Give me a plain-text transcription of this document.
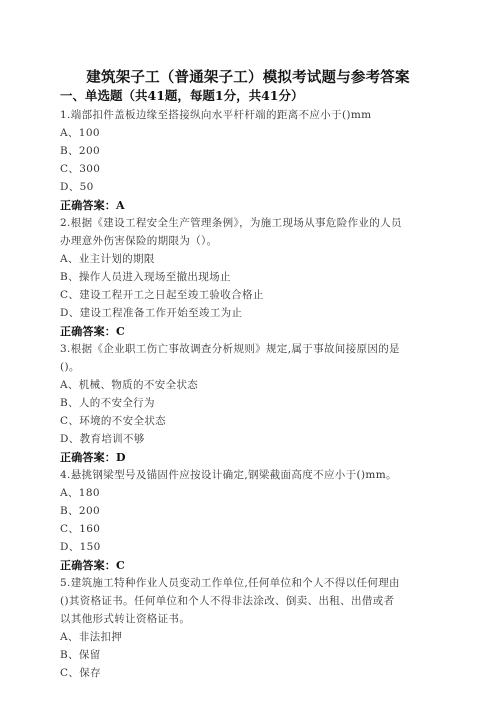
建筑架子工（普通架子工）模拟考试题与参考答案
一、单选题（共41题，每题1分，共41分）
1.端部扣件盖板边缘至搭接纵向水平杆杆端的距离不应小于()mm
A、100
B、200
C、300
D、50
正确答案：A
2.根据《建设工程安全生产管理条例》，为施工现场从事危险作业的人员
办理意外伤害保险的期限为（）。
A、业主计划的期限
B、操作人员进入现场至撤出现场止
C、建设工程开工之日起至竣工验收合格止
D、建设工程准备工作开始至竣工为止
正确答案：C
3.根据《企业职工伤亡事故调查分析规则》规定,属于事故间接原因的是
()。
A、机械、物质的不安全状态
B、人的不安全行为
C、环境的不安全状态
D、教育培训不够
正确答案：D
4.悬挑钢梁型号及锚固件应按设计确定,钢梁截面高度不应小于()mm。
A、180
B、200
C、160
D、150
正确答案：C
5.建筑施工特种作业人员变动工作单位,任何单位和个人不得以任何理由
()其资格证书。任何单位和个人不得非法涂改、倒卖、出租、出借或者
以其他形式转让资格证书。
A、非法扣押
B、保留
C、保存
